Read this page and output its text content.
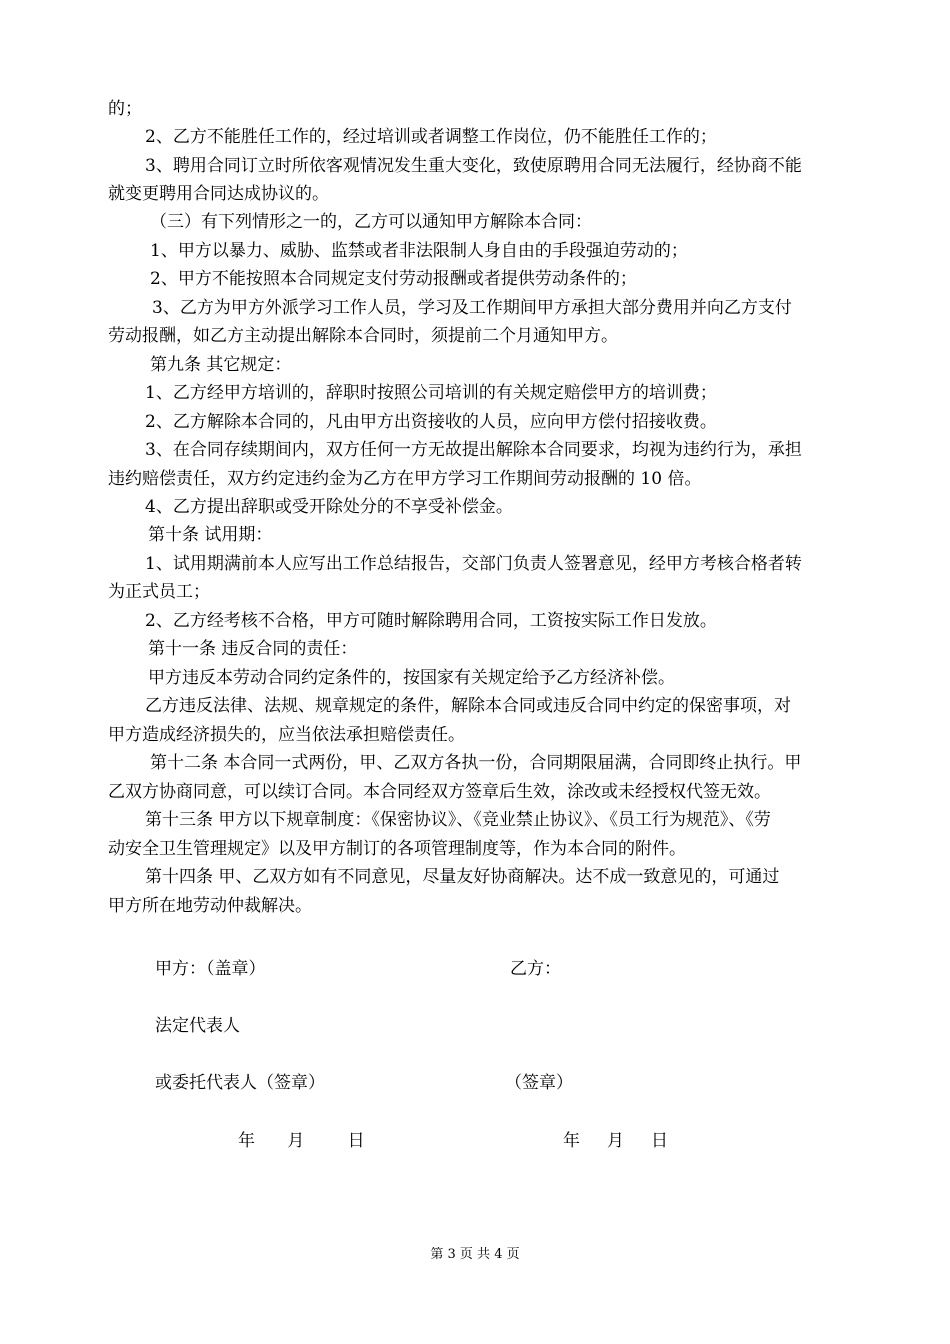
的；
2、乙方不能胜任工作的，经过培训或者调整工作岗位，仍不能胜任工作的；
3、聘用合同订立时所依客观情况发生重大变化，致使原聘用合同无法履行，经协商不能
就变更聘用合同达成协议的。
（三）有下列情形之一的，乙方可以通知甲方解除本合同：
1、甲方以暴力、威胁、监禁或者非法限制人身自由的手段强迫劳动的；
2、甲方不能按照本合同规定支付劳动报酬或者提供劳动条件的；
3、乙方为甲方外派学习工作人员，学习及工作期间甲方承担大部分费用并向乙方支付
劳动报酬，如乙方主动提出解除本合同时，须提前二个月通知甲方。
第九条 其它规定：
1、乙方经甲方培训的，辞职时按照公司培训的有关规定赔偿甲方的培训费；
2、乙方解除本合同的，凡由甲方出资接收的人员，应向甲方偿付招接收费。
3、在合同存续期间内，双方任何一方无故提出解除本合同要求，均视为违约行为，承担
违约赔偿责任，双方约定违约金为乙方在甲方学习工作期间劳动报酬的 10 倍。
4、乙方提出辞职或受开除处分的不享受补偿金。
第十条 试用期：
1、试用期满前本人应写出工作总结报告，交部门负责人签署意见，经甲方考核合格者转
为正式员工；
2、乙方经考核不合格，甲方可随时解除聘用合同，工资按实际工作日发放。
第十一条 违反合同的责任：
甲方违反本劳动合同约定条件的，按国家有关规定给予乙方经济补偿。
乙方违反法律、法规、规章规定的条件，解除本合同或违反合同中约定的保密事项，对
甲方造成经济损失的，应当依法承担赔偿责任。
第十二条 本合同一式两份，甲、乙双方各执一份，合同期限届满，合同即终止执行。甲
乙双方协商同意，可以续订合同。本合同经双方签章后生效，涂改或未经授权代签无效。
第十三条 甲方以下规章制度：《保密协议》、《竞业禁止协议》、《员工行为规范》、《劳
动安全卫生管理规定》以及甲方制订的各项管理制度等，作为本合同的附件。
第十四条 甲、乙双方如有不同意见，尽量友好协商解决。达不成一致意见的，可通过
甲方所在地劳动仲裁解决。
甲方：（盖章）	乙方：
法定代表人
或委托代表人（签章）	（签章）
年      月        日	年     月     日
第 3 页 共 4 页
